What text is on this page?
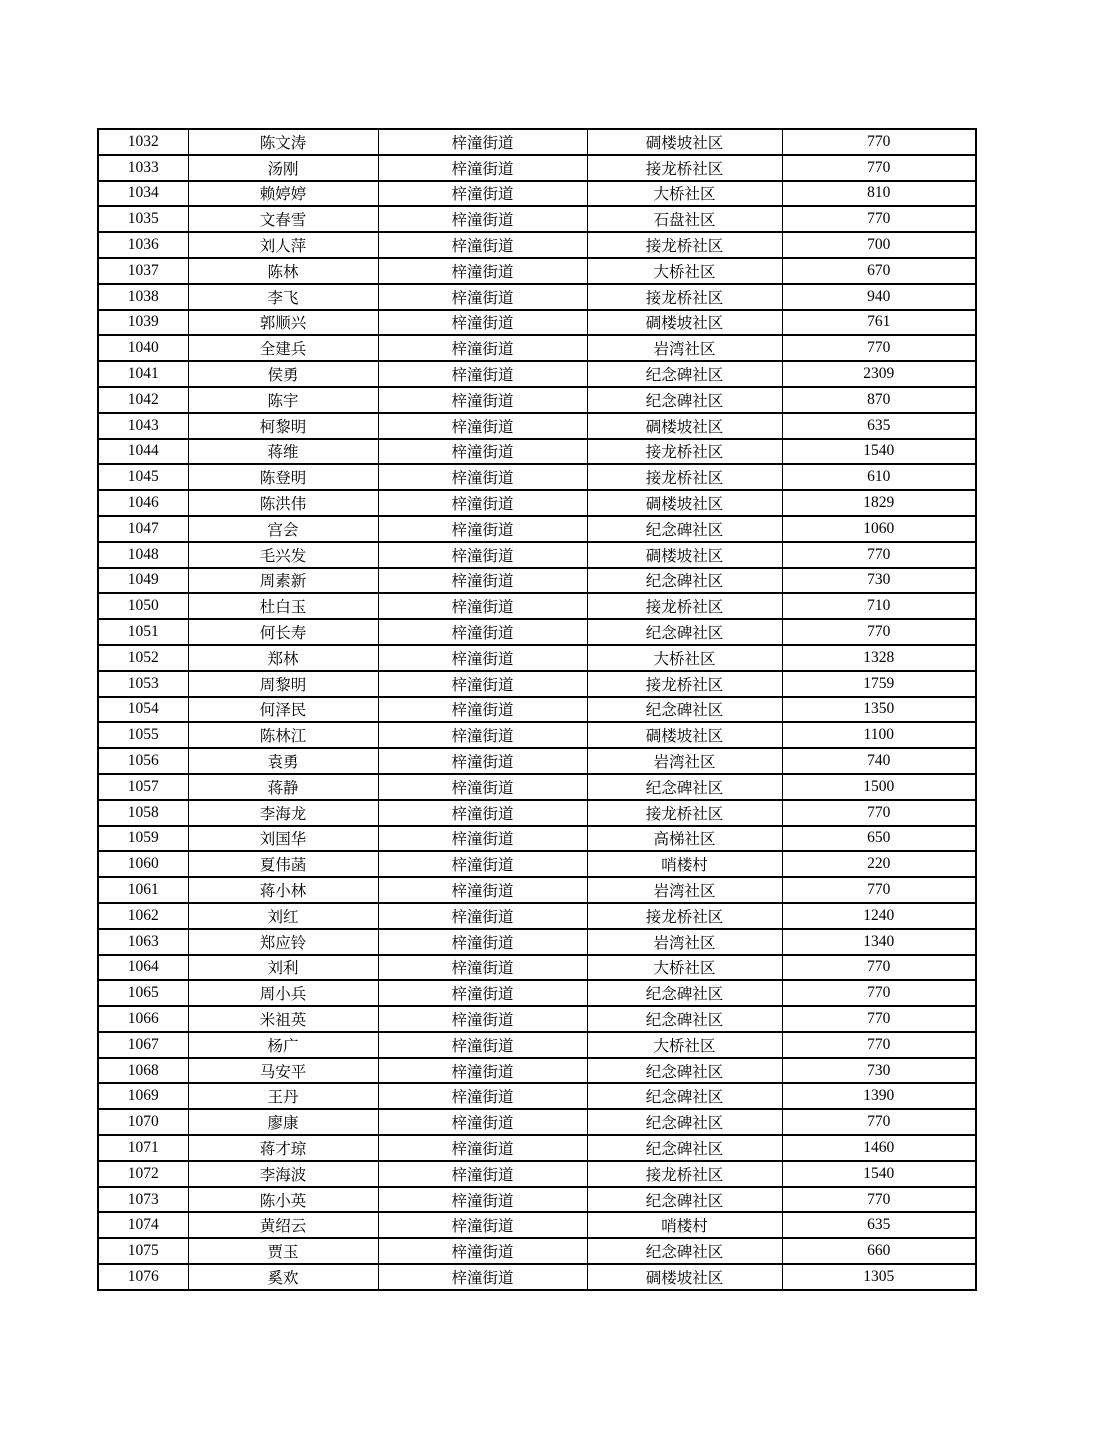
1032	陈文涛	梓潼街道	碉楼坡社区	770
1033	汤刚	梓潼街道	接龙桥社区	770
1034	赖婷婷	梓潼街道	大桥社区	810
1035	文春雪	梓潼街道	石盘社区	770
1036	刘人萍	梓潼街道	接龙桥社区	700
1037	陈林	梓潼街道	大桥社区	670
1038	李飞	梓潼街道	接龙桥社区	940
1039	郭顺兴	梓潼街道	碉楼坡社区	761
1040	全建兵	梓潼街道	岩湾社区	770
1041	侯勇	梓潼街道	纪念碑社区	2309
1042	陈宇	梓潼街道	纪念碑社区	870
1043	柯黎明	梓潼街道	碉楼坡社区	635
1044	蒋维	梓潼街道	接龙桥社区	1540
1045	陈登明	梓潼街道	接龙桥社区	610
1046	陈洪伟	梓潼街道	碉楼坡社区	1829
1047	宫会	梓潼街道	纪念碑社区	1060
1048	毛兴发	梓潼街道	碉楼坡社区	770
1049	周素新	梓潼街道	纪念碑社区	730
1050	杜白玉	梓潼街道	接龙桥社区	710
1051	何长寿	梓潼街道	纪念碑社区	770
1052	郑林	梓潼街道	大桥社区	1328
1053	周黎明	梓潼街道	接龙桥社区	1759
1054	何泽民	梓潼街道	纪念碑社区	1350
1055	陈林江	梓潼街道	碉楼坡社区	1100
1056	袁勇	梓潼街道	岩湾社区	740
1057	蒋静	梓潼街道	纪念碑社区	1500
1058	李海龙	梓潼街道	接龙桥社区	770
1059	刘国华	梓潼街道	高梯社区	650
1060	夏伟菡	梓潼街道	哨楼村	220
1061	蒋小林	梓潼街道	岩湾社区	770
1062	刘红	梓潼街道	接龙桥社区	1240
1063	郑应铃	梓潼街道	岩湾社区	1340
1064	刘利	梓潼街道	大桥社区	770
1065	周小兵	梓潼街道	纪念碑社区	770
1066	米祖英	梓潼街道	纪念碑社区	770
1067	杨广	梓潼街道	大桥社区	770
1068	马安平	梓潼街道	纪念碑社区	730
1069	王丹	梓潼街道	纪念碑社区	1390
1070	廖康	梓潼街道	纪念碑社区	770
1071	蒋才琼	梓潼街道	纪念碑社区	1460
1072	李海波	梓潼街道	接龙桥社区	1540
1073	陈小英	梓潼街道	纪念碑社区	770
1074	黄绍云	梓潼街道	哨楼村	635
1075	贾玉	梓潼街道	纪念碑社区	660
1076	奚欢	梓潼街道	碉楼坡社区	1305
